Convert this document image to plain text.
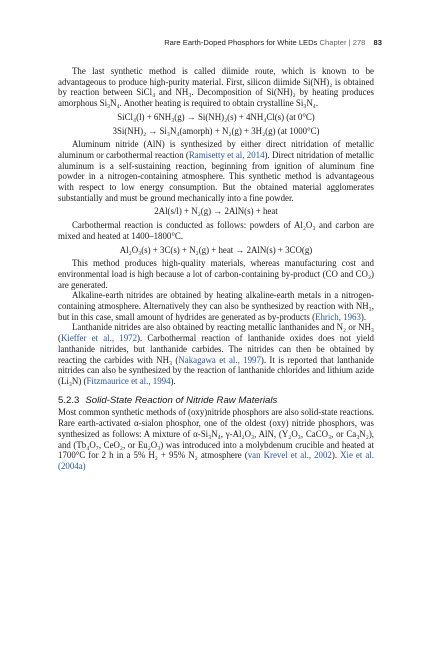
Rare Earth-Doped Phosphors for White LEDs Chapter | 278 83

The last synthetic method is called diimide route, which is known to be advantageous to produce high-purity material. First, silicon diimide Si(NH)₂ is obtained by reaction between SiCl₄ and NH₃. Decomposition of Si(NH)₂ by heating produces amorphous Si₃N₄. Another heating is required to obtain crystalline Si₃N₄.

SiCl₄(l) + 6NH₃(g) → Si(NH)₂(s) + 4NH₄Cl(s) (at 0°C)
3Si(NH)₂ → Si₃N₄(amorph) + N₂(g) + 3H₂(g) (at 1000°C)

Aluminum nitride (AlN) is synthesized by either direct nitridation of metallic aluminum or carbothermal reaction (Ramisetty et al, 2014). Direct nitridation of metallic aluminum is a self-sustaining reaction, beginning from ignition of aluminum fine powder in a nitrogen-containing atmosphere. This synthetic method is advantageous with respect to low energy consumption. But the obtained material agglomerates substantially and must be ground mechanically into a fine powder.

2Al(s/l) + N₂(g) → 2AlN(s) + heat

Carbothermal reaction is conducted as follows: powders of Al₂O₃ and carbon are mixed and heated at 1400–1800°C.

Al₂O₃(s) + 3C(s) + N₂(g) + heat → 2AlN(s) + 3CO(g)

This method produces high-quality materials, whereas manufacturing cost and environmental load is high because a lot of carbon-containing by-product (CO and CO₂) are generated.

Alkaline-earth nitrides are obtained by heating alkaline-earth metals in a nitrogen-containing atmosphere. Alternatively they can also be synthesized by reaction with NH₃, but in this case, small amount of hydrides are generated as by-products (Ehrich, 1963).

Lanthanide nitrides are also obtained by reacting metallic lanthanides and N₂ or NH₃ (Kieffer et al., 1972). Carbothermal reaction of lanthanide oxides does not yield lanthanide nitrides, but lanthanide carbides. The nitrides can then be obtained by reacting the carbides with NH₃ (Nakagawa et al., 1997). It is reported that lanthanide nitrides can also be synthesized by the reaction of lanthanide chlorides and lithium azide (Li₃N) (Fitzmaurice et al., 1994).

5.2.3 Solid-State Reaction of Nitride Raw Materials

Most common synthetic methods of (oxy)nitride phosphors are also solid-state reactions. Rare earth-activated α-sialon phosphor, one of the oldest (oxy) nitride phosphors, was synthesized as follows: A mixture of α-Si₃N₄, γ-Al₂O₃, AlN, (Y₂O₃, CaCO₃, or Ca₃N₂), and (Tb₄O₇, CeO₂, or Eu₂O₃) was introduced into a molybdenum crucible and heated at 1700°C for 2 h in a 5% H₂ + 95% N₂ atmosphere (van Krevel et al., 2002). Xie et al. (2004a)
